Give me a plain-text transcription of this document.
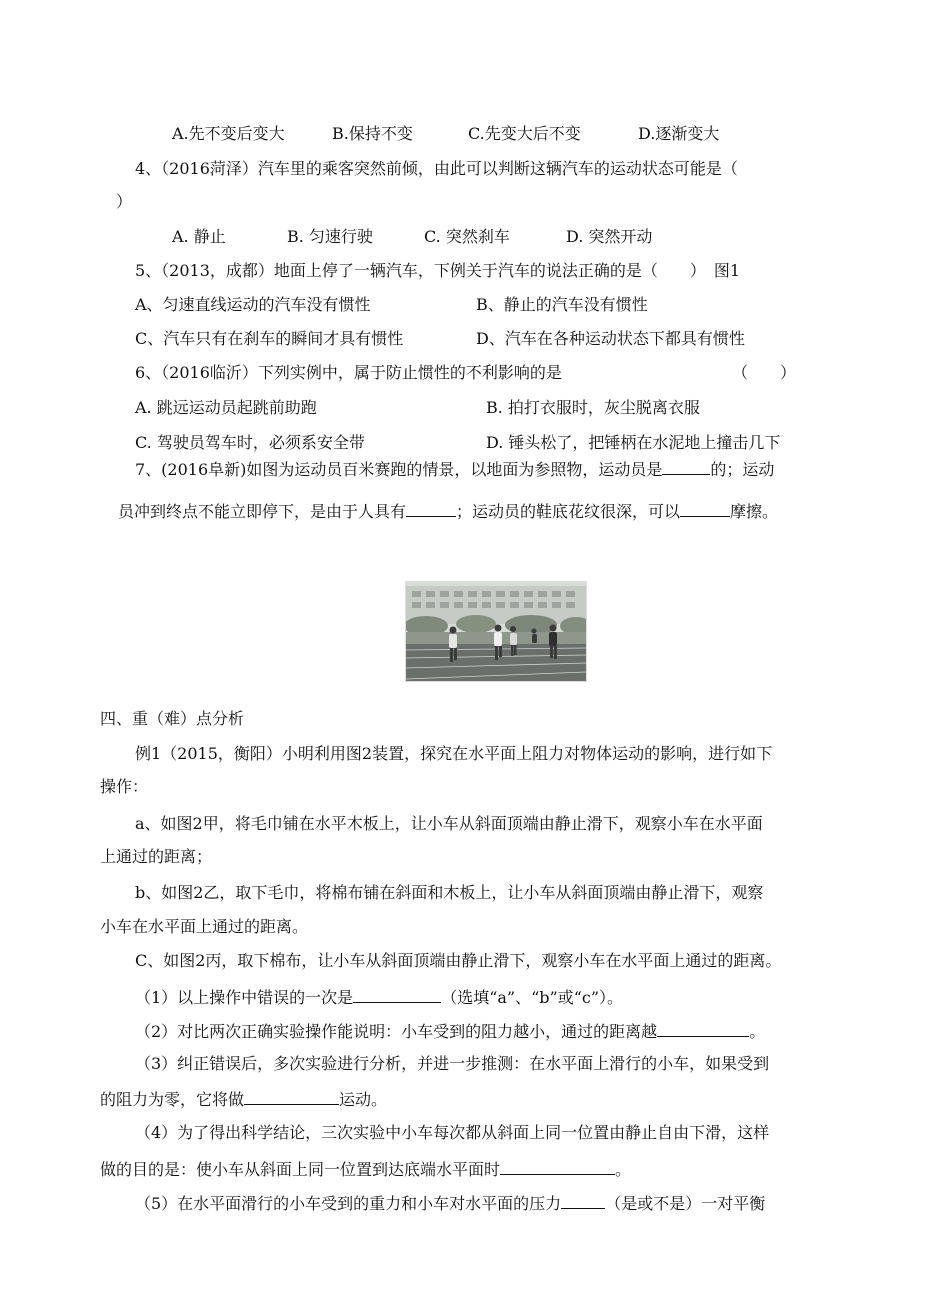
A.先不变后变大	B.保持不变	C.先变大后不变	D.逐渐变大
4、（2016菏泽）汽车里的乘客突然前倾，由此可以判断这辆汽车的运动状态可能是（
）
A. 静止	B. 匀速行驶	C. 突然刹车	D. 突然开动
5、（2013，成都）地面上停了一辆汽车，下例关于汽车的说法正确的是（　　）　图1
A、匀速直线运动的汽车没有惯性	B、静止的汽车没有惯性
C、汽车只有在刹车的瞬间才具有惯性	D、汽车在各种运动状态下都具有惯性
6、（2016临沂）下列实例中，属于防止惯性的不利影响的是	（　　）
A. 跳远运动员起跳前助跑	B. 拍打衣服时，灰尘脱离衣服
C. 驾驶员驾车时，必须系安全带	D. 锤头松了，把锤柄在水泥地上撞击几下
7、(2016阜新)如图为运动员百米赛跑的情景，以地面为参照物，运动员是	的；运动
员冲到终点不能立即停下，是由于人具有	；运动员的鞋底花纹很深，可以	摩擦。
四、重（难）点分析
例1（2015，衡阳）小明利用图2装置，探究在水平面上阻力对物体运动的影响，进行如下
操作：
a、如图2甲，将毛巾铺在水平木板上，让小车从斜面顶端由静止滑下，观察小车在水平面
上通过的距离；
b、如图2乙，取下毛巾，将棉布铺在斜面和木板上，让小车从斜面顶端由静止滑下，观察
小车在水平面上通过的距离。
C、如图2丙，取下棉布，让小车从斜面顶端由静止滑下，观察小车在水平面上通过的距离。
（1）以上操作中错误的一次是	（选填“a”、“b”或“c”）。
（2）对比两次正确实验操作能说明：小车受到的阻力越小，通过的距离越	。
（3）纠正错误后，多次实验进行分析，并进一步推测：在水平面上滑行的小车，如果受到
的阻力为零，它将做	运动。
（4）为了得出科学结论，三次实验中小车每次都从斜面上同一位置由静止自由下滑，这样
做的目的是：使小车从斜面上同一位置到达底端水平面时	。
（5）在水平面滑行的小车受到的重力和小车对水平面的压力	（是或不是）一对平衡
